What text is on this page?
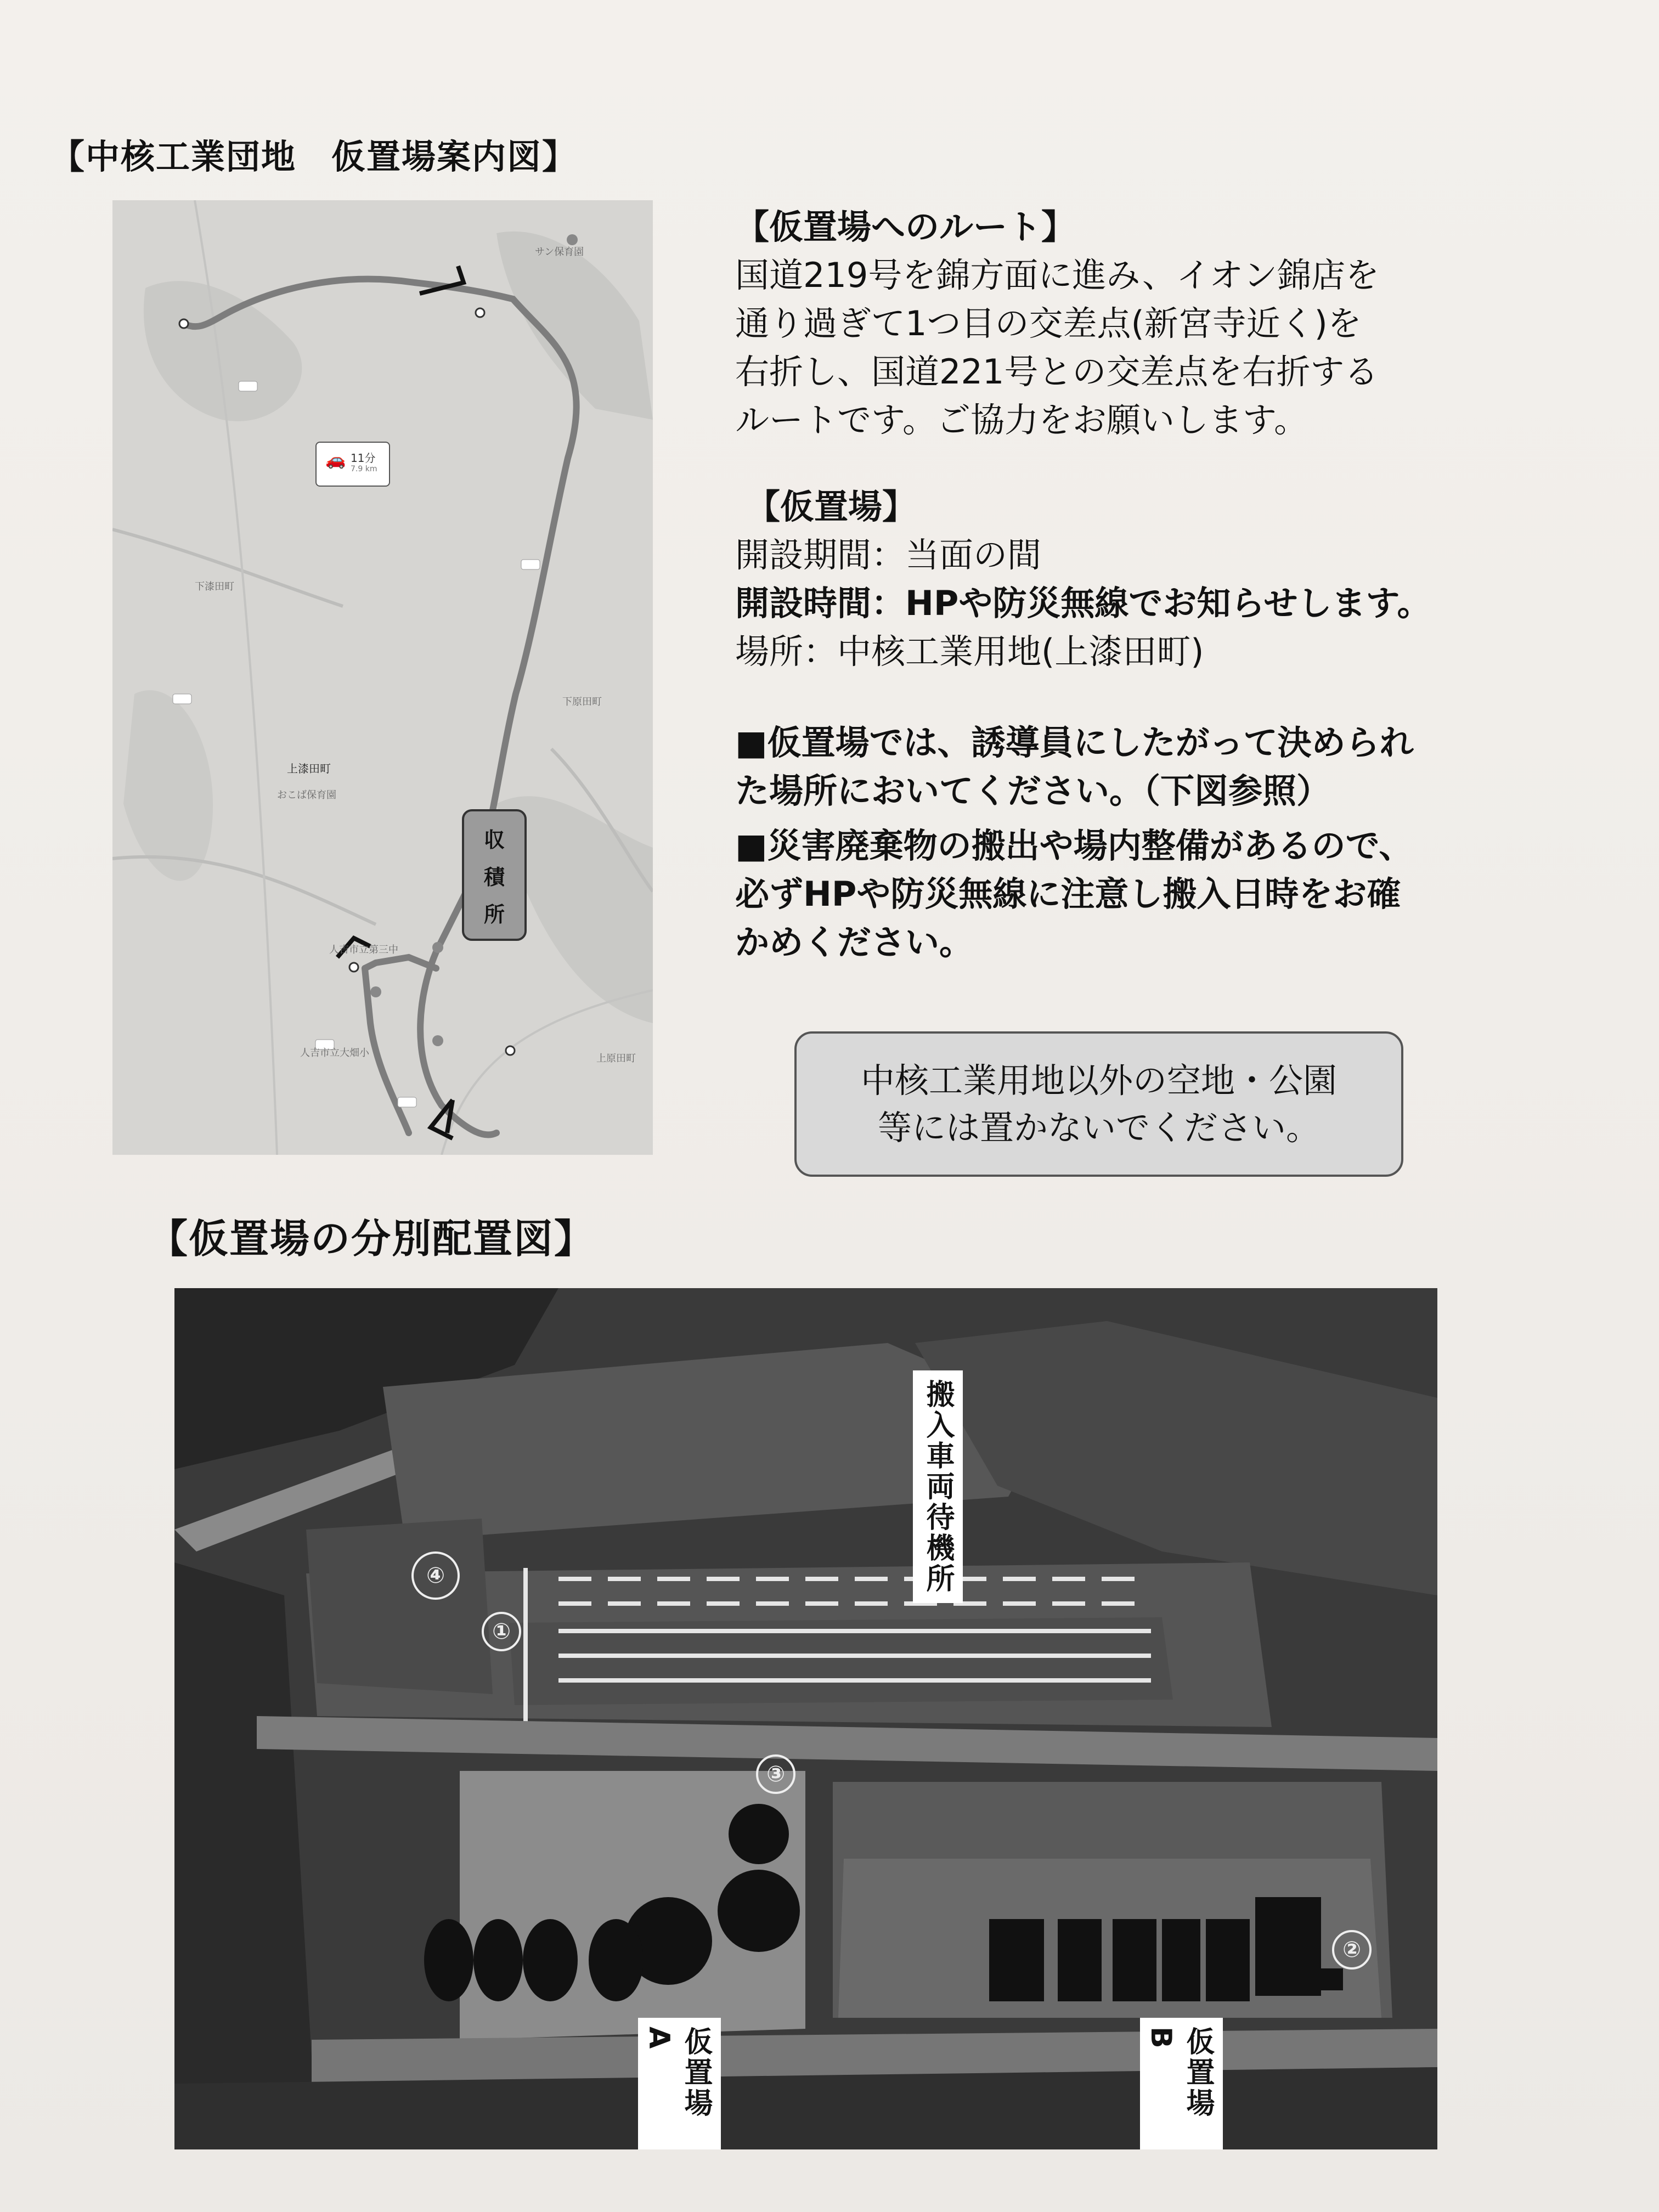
【中核工業団地　仮置場案内図】
🚗 11分
7.9 km
サン保育園
下漆田町
下原田町
上漆田町
おこば保育園
人吉市立第三中
人吉市立大畑小	上原田町
収
積
所
【仮置場へのルート】
国道219号を錦方面に進み、イオン錦店を
通り過ぎて1つ目の交差点(新宮寺近く)を
右折し、国道221号との交差点を右折する
ルートです。ご協力をお願いします。
【仮置場】
開設期間：当面の間
開設時間：HPや防災無線でお知らせします。
場所：中核工業用地(上漆田町)

■仮置場では、誘導員にしたがって決められ
た場所においてください。（下図参照）

■災害廃棄物の搬出や場内整備があるので、
必ずHPや防災無線に注意し搬入日時をお確
かめください。

中核工業用地以外の空地・公園
等には置かないでください。
【仮置場の分別配置図】
搬入車両待機所
仮置場A	仮置場B
④
①
③
②
